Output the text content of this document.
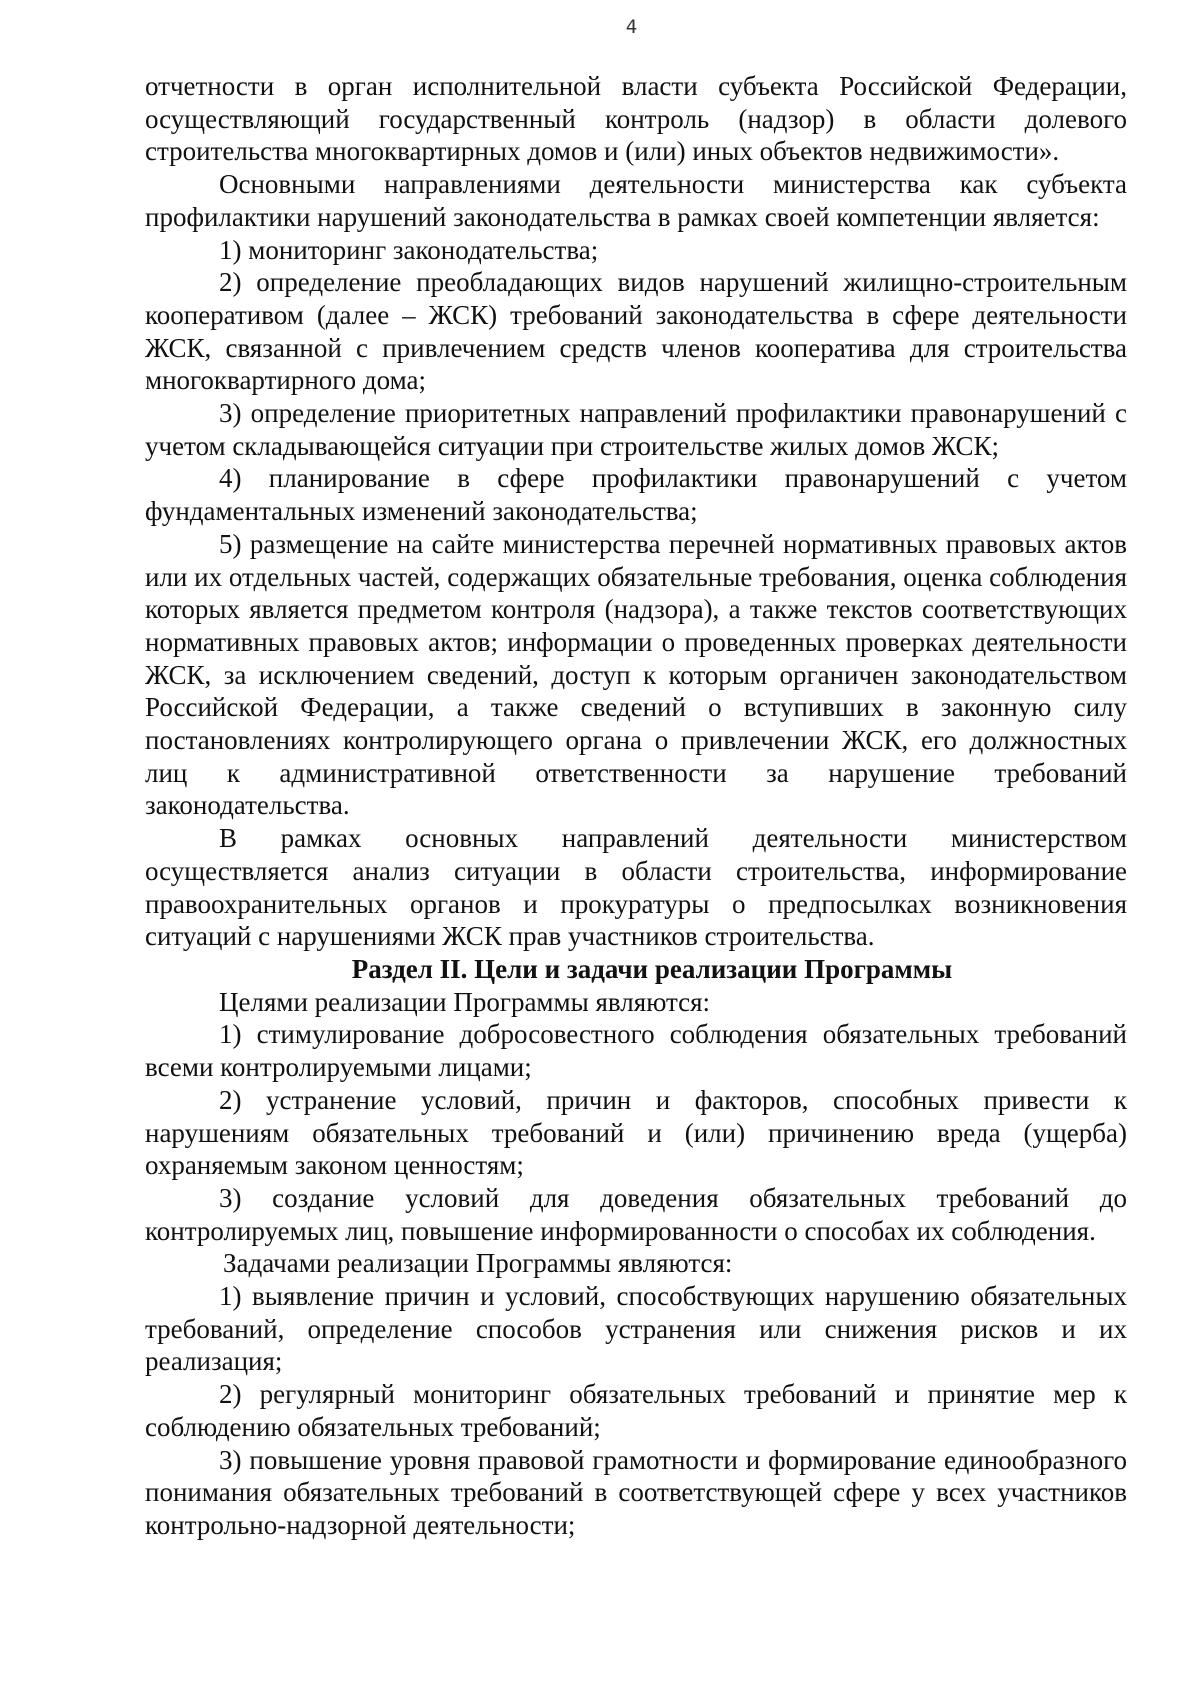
4

отчетности в орган исполнительной власти субъекта Российской Федерации, осуществляющий государственный контроль (надзор) в области долевого строительства многоквартирных домов и (или) иных объектов недвижимости».

Основными направлениями деятельности министерства как субъекта профилактики нарушений законодательства в рамках своей компетенции является:

1) мониторинг законодательства;

2) определение преобладающих видов нарушений жилищно-строительным кооперативом (далее – ЖСК) требований законодательства в сфере деятельности ЖСК, связанной с привлечением средств членов кооператива для строительства многоквартирного дома;

3) определение приоритетных направлений профилактики правонарушений с учетом складывающейся ситуации при строительстве жилых домов ЖСК;

4) планирование в сфере профилактики правонарушений с учетом фундаментальных изменений законодательства;

5) размещение на сайте министерства перечней нормативных правовых актов или их отдельных частей, содержащих обязательные требования, оценка соблюдения которых является предметом контроля (надзора), а также текстов соответствующих нормативных правовых актов; информации о проведенных проверках деятельности ЖСК, за исключением сведений, доступ к которым органичен законодательством Российской Федерации, а также сведений о вступивших в законную силу постановлениях контролирующего органа о привлечении ЖСК, его должностных лиц к административной ответственности за нарушение требований законодательства.

В рамках основных направлений деятельности министерством осуществляется анализ ситуации в области строительства, информирование правоохранительных органов и прокуратуры о предпосылках возникновения ситуаций с нарушениями ЖСК прав участников строительства.

Раздел II. Цели и задачи реализации Программы

Целями реализации Программы являются:

1) стимулирование добросовестного соблюдения обязательных требований всеми контролируемыми лицами;

2) устранение условий, причин и факторов, способных привести к нарушениям обязательных требований и (или) причинению вреда (ущерба) охраняемым законом ценностям;

3) создание условий для доведения обязательных требований до контролируемых лиц, повышение информированности о способах их соблюдения.

Задачами реализации Программы являются:

1) выявление причин и условий, способствующих нарушению обязательных требований, определение способов устранения или снижения рисков и их реализация;

2) регулярный мониторинг обязательных требований и принятие мер к соблюдению обязательных требований;

3) повышение уровня правовой грамотности и формирование единообразного понимания обязательных требований в соответствующей сфере у всех участников контрольно-надзорной деятельности;
